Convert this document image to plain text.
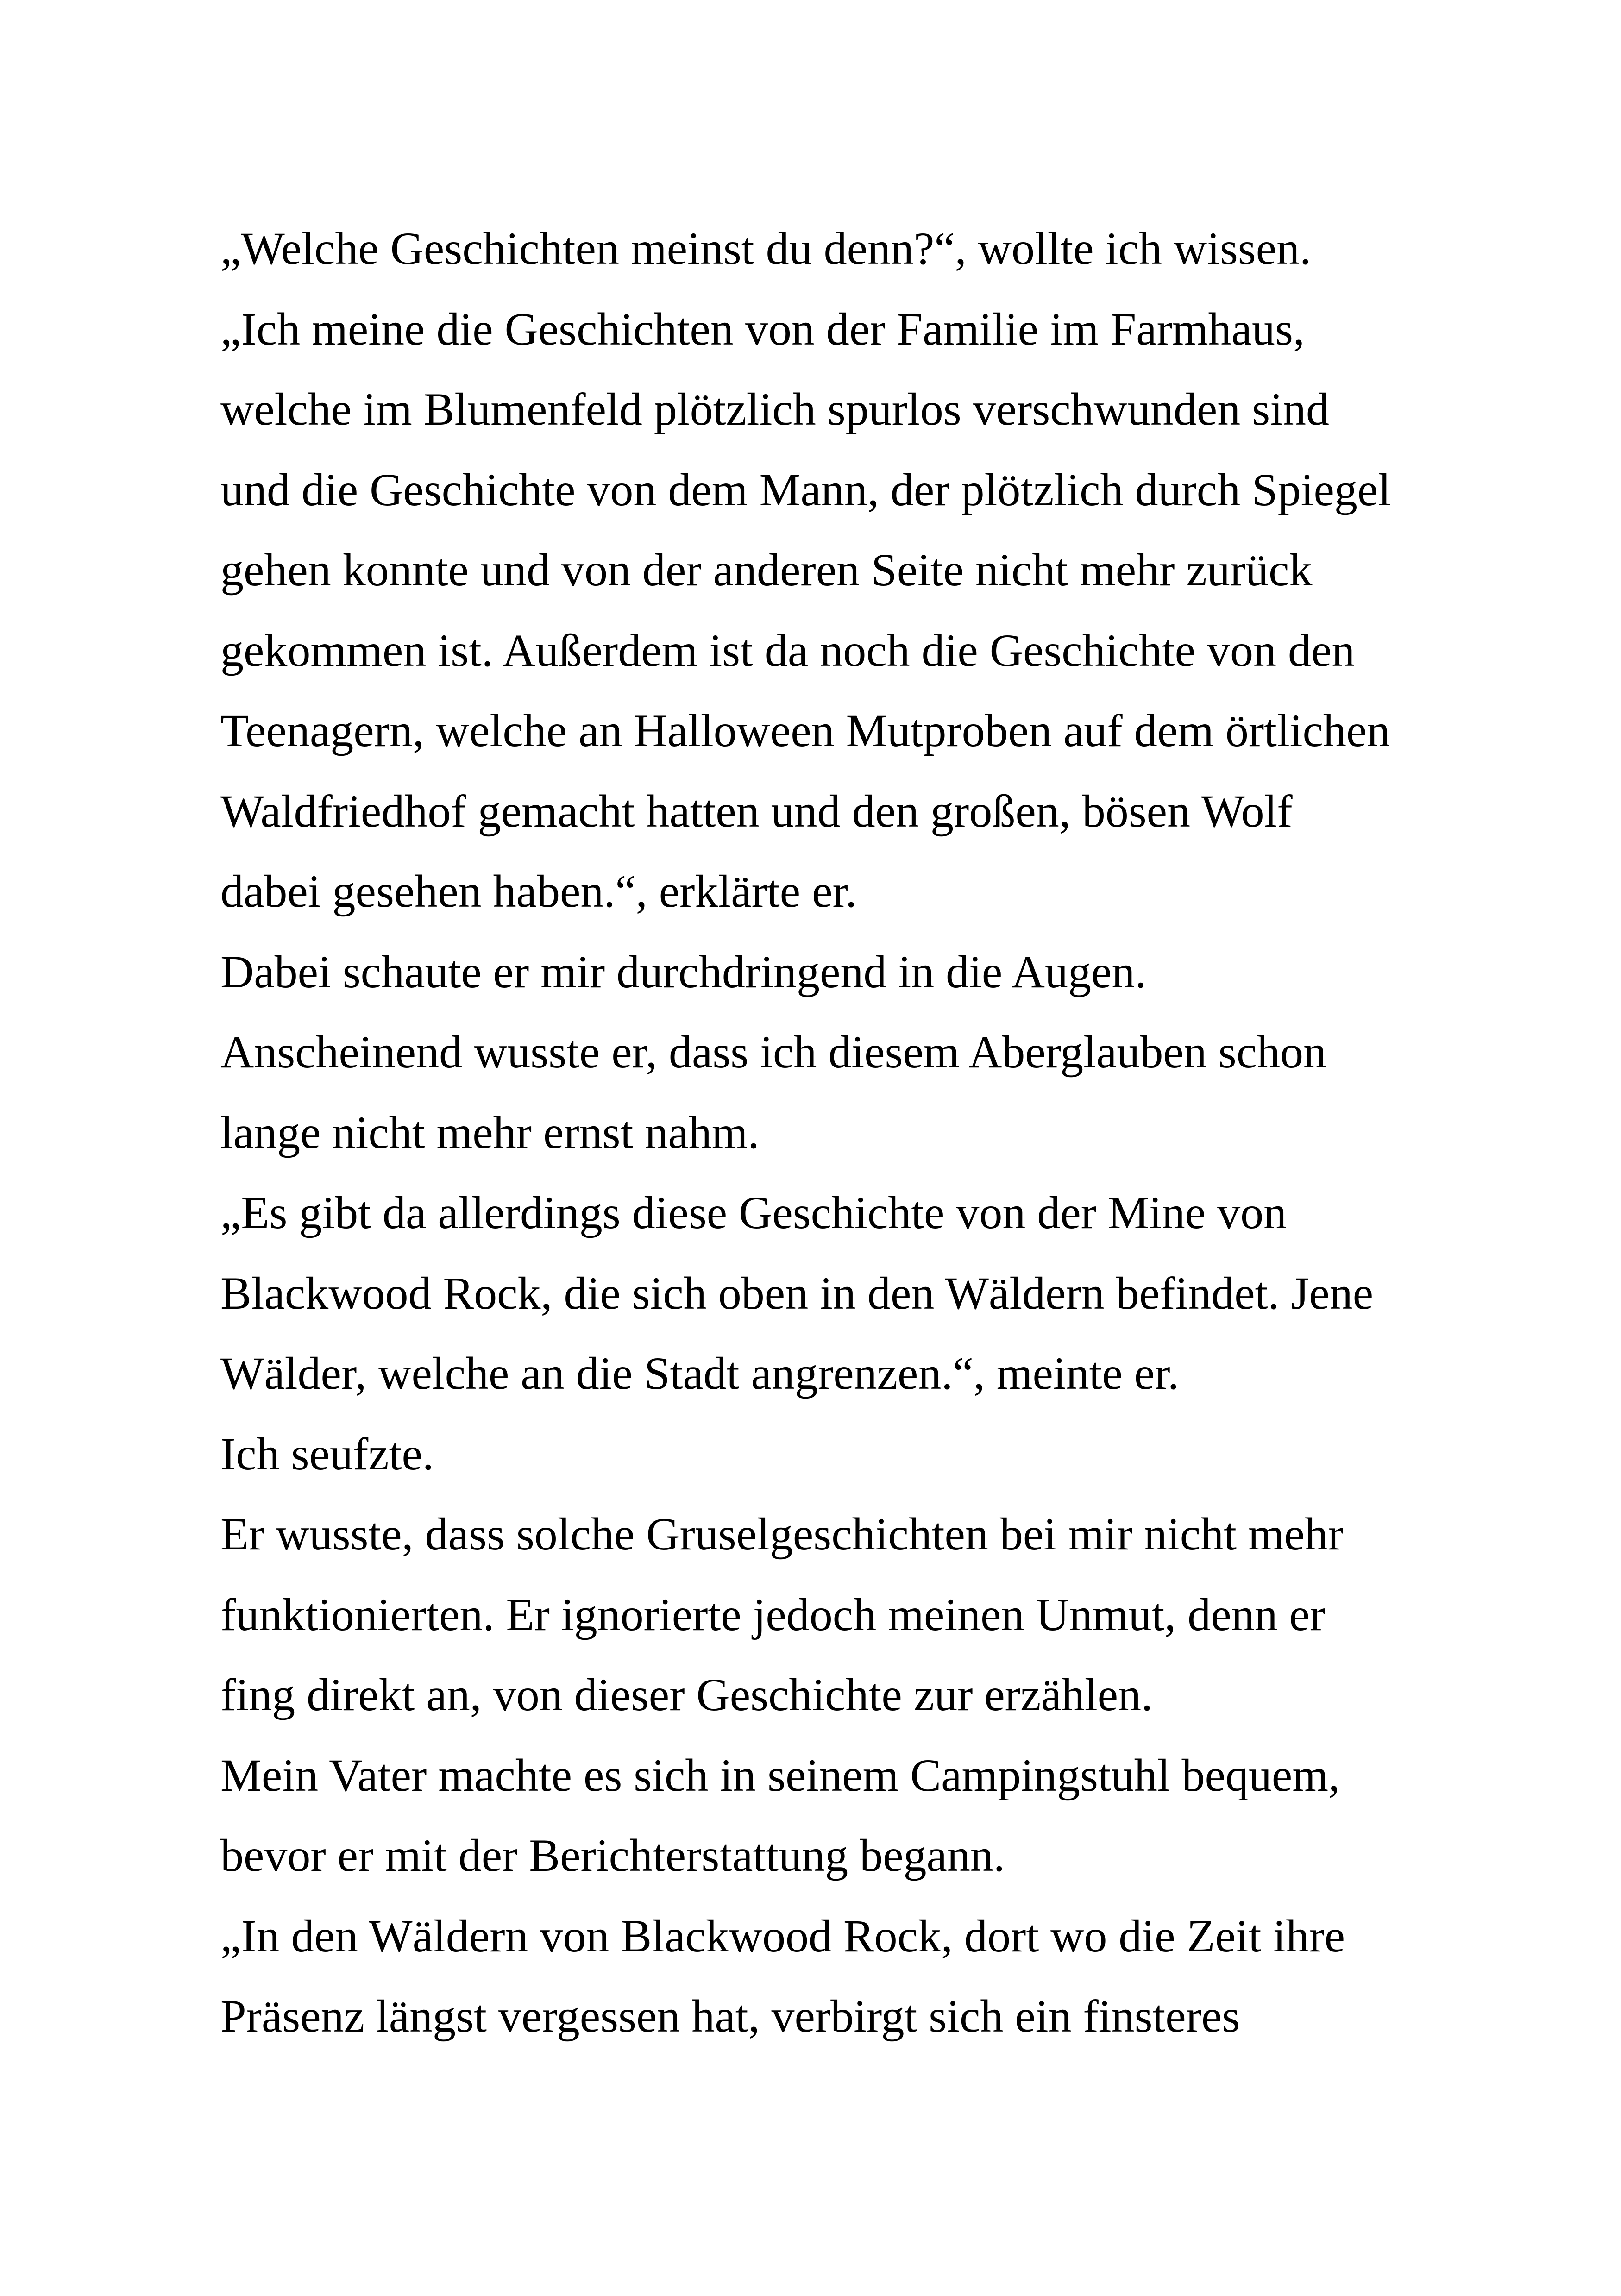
„Welche Geschichten meinst du denn?“, wollte ich wissen.
„Ich meine die Geschichten von der Familie im Farmhaus,
welche im Blumenfeld plötzlich spurlos verschwunden sind
und die Geschichte von dem Mann, der plötzlich durch Spiegel
gehen konnte und von der anderen Seite nicht mehr zurück
gekommen ist. Außerdem ist da noch die Geschichte von den
Teenagern, welche an Halloween Mutproben auf dem örtlichen
Waldfriedhof gemacht hatten und den großen, bösen Wolf
dabei gesehen haben.“, erklärte er.
Dabei schaute er mir durchdringend in die Augen.
Anscheinend wusste er, dass ich diesem Aberglauben schon
lange nicht mehr ernst nahm.
„Es gibt da allerdings diese Geschichte von der Mine von
Blackwood Rock, die sich oben in den Wäldern befindet. Jene
Wälder, welche an die Stadt angrenzen.“, meinte er.
Ich seufzte.
Er wusste, dass solche Gruselgeschichten bei mir nicht mehr
funktionierten. Er ignorierte jedoch meinen Unmut, denn er
fing direkt an, von dieser Geschichte zur erzählen.
Mein Vater machte es sich in seinem Campingstuhl bequem,
bevor er mit der Berichterstattung begann.
„In den Wäldern von Blackwood Rock, dort wo die Zeit ihre
Präsenz längst vergessen hat, verbirgt sich ein finsteres
